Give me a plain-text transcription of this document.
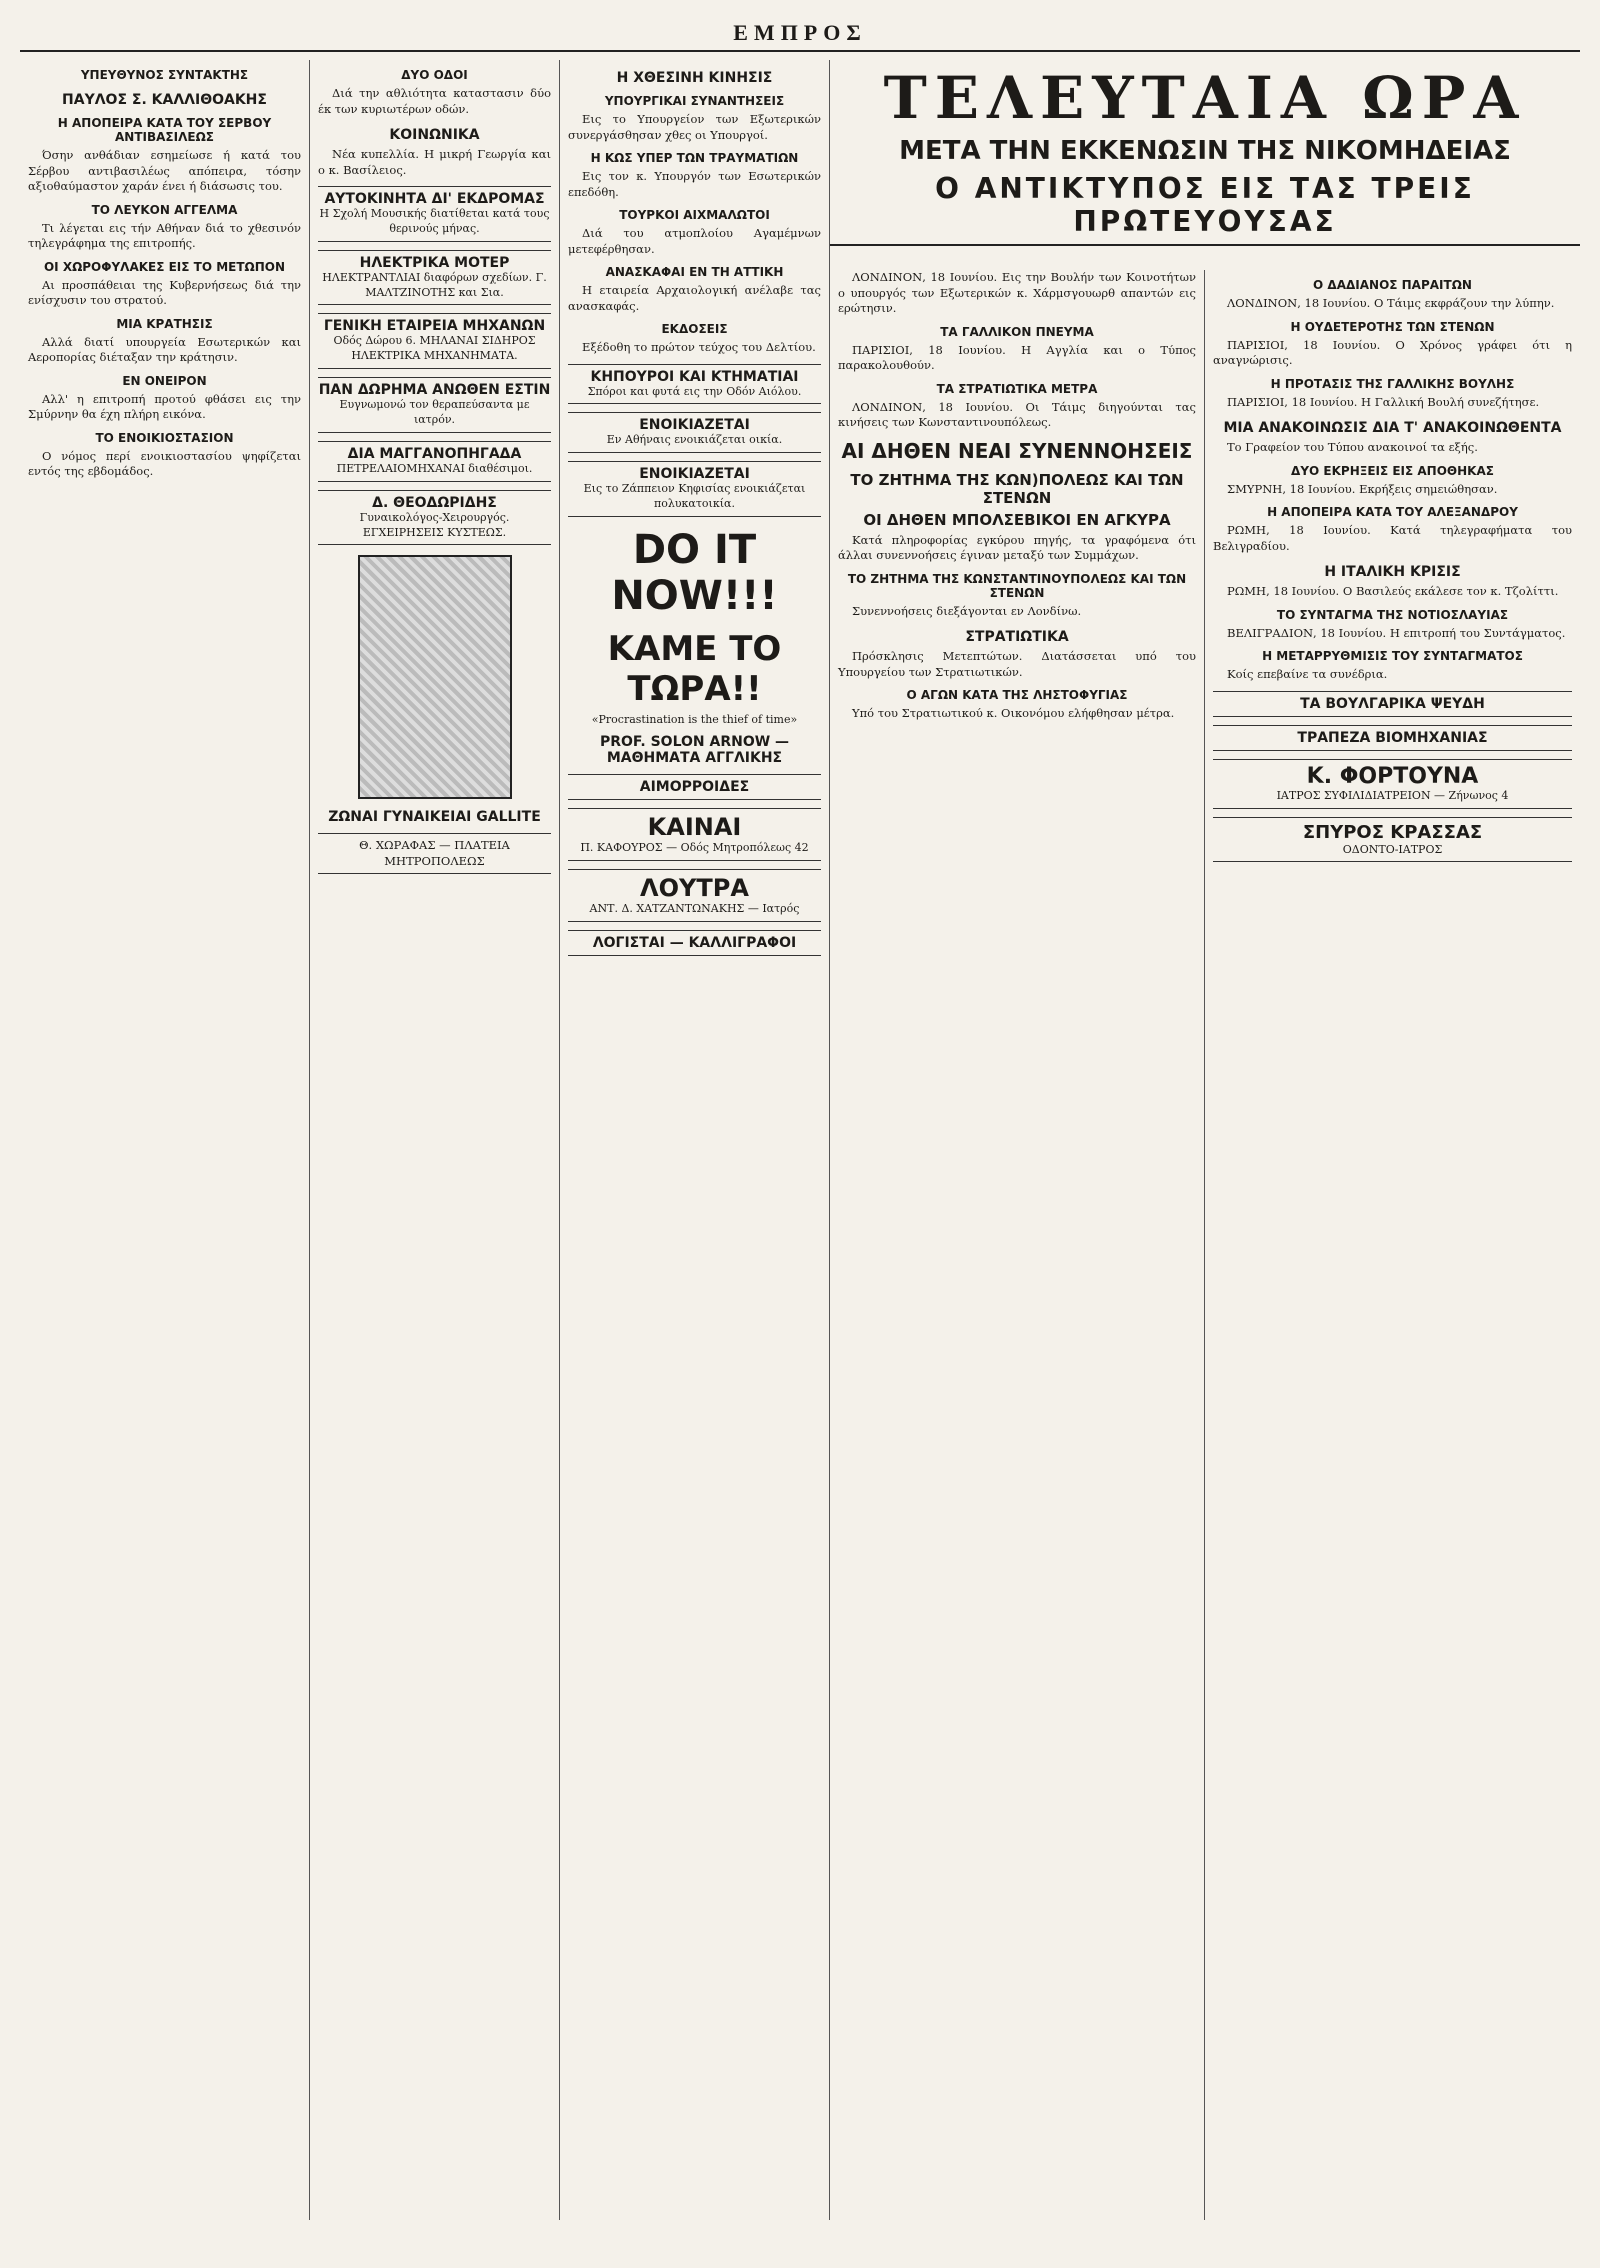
ΕΜΠΡΟΣ
ΥΠΕΥΘΥΝΟΣ ΣΥΝΤΑΚΤΗΣ
ΠΑΥΛΟΣ Σ. ΚΑΛΛΙΘΟΑΚΗΣ
Η ΑΠΟΠΕΙΡΑ ΚΑΤΑ ΤΟΥ ΣΕΡΒΟΥ ΑΝΤΙΒΑΣΙΛΕΩΣ

Όσην ανθάδιαν εσημείωσε ή κατά του Σέρβου αντιβασιλέως απόπειρα, τόσην αξιοθαύμαστον χαράν ένει ή διάσωσις του.

ΤΟ ΛΕΥΚΟΝ ΑΓΓΕΛΜΑ

Τι λέγεται εις τήν Αθήναν διά το χθεσινόν τηλεγράφημα της επιτροπής.

ΟΙ ΧΩΡΟΦΥΛΑΚΕΣ ΕΙΣ ΤΟ ΜΕΤΩΠΟΝ

Αι προσπάθειαι της Κυβερνήσεως διά την ενίσχυσιν του στρατού.

ΜΙΑ ΚΡΑΤΗΣΙΣ

Αλλά διατί υπουργεία Εσωτερικών και Αεροπορίας διέταξαν την κράτησιν.

ΕΝ ΟΝΕΙΡΟΝ

Αλλ' η επιτροπή προτού φθάσει εις την Σμύρνην θα έχη πλήρη εικόνα.

ΤΟ ΕΝΟΙΚΙΟΣΤΑΣΙΟΝ

Ο νόμος περί ενοικιοστασίου ψηφίζεται εντός της εβδομάδος.

ΔΥΟ ΟΔΟΙ

Διά την αθλιότητα καταστασιν δύο έκ των κυριωτέρων οδών.

ΚΟΙΝΩΝΙΚΑ

Νέα κυπελλία. Η μικρή Γεωργία και ο κ. Βασίλειος.

ΑΥΤΟΚΙΝΗΤΑ ΔΙ' ΕΚΔΡΟΜΑΣ
Η Σχολή Μουσικής διατίθεται κατά τους θερινούς μήνας.
ΗΛΕΚΤΡΙΚΑ ΜΟΤΕΡ
ΗΛΕΚΤΡΑΝΤΛΙΑΙ διαφόρων σχεδίων. Γ. ΜΑΛΤΖΙΝΟΤΗΣ και Σια.
ΓΕΝΙΚΗ ΕΤΑΙΡΕΙΑ ΜΗΧΑΝΩΝ
Οδός Δώρου 6. ΜΗΛΑΝΑΙ ΣΙΔΗΡΟΣ ΗΛΕΚΤΡΙΚΑ ΜΗΧΑΝΗΜΑΤΑ.
ΠΑΝ ΔΩΡΗΜΑ ΑΝΩΘΕΝ ΕΣΤΙΝ
Ευγνωμονώ τον θεραπεύσαντα με ιατρόν.
ΔΙΑ ΜΑΓΓΑΝΟΠΗΓΑΔΑ
ΠΕΤΡΕΛΑΙΟΜΗΧΑΝΑΙ διαθέσιμοι.
Δ. ΘΕΟΔΩΡΙΔΗΣ
Γυναικολόγος-Χειρουργός. ΕΓΧΕΙΡΗΣΕΙΣ ΚΥΣΤΕΩΣ.
ΖΩΝΑΙ ΓΥΝΑΙΚΕΙΑΙ GALLITE
Θ. ΧΩΡΑΦΑΣ — ΠΛΑΤΕΙΑ ΜΗΤΡΟΠΟΛΕΩΣ
Η ΧΘΕΣΙΝΗ ΚΙΝΗΣΙΣ
ΥΠΟΥΡΓΙΚΑΙ ΣΥΝΑΝΤΗΣΕΙΣ

Εις το Υπουργείον των Εξωτερικών συνεργάσθησαν χθες οι Υπουργοί.

Η ΚΩΣ ΥΠΕΡ ΤΩΝ ΤΡΑΥΜΑΤΙΩΝ

Εις τον κ. Υπουργόν των Εσωτερικών επεδόθη.

ΤΟΥΡΚΟΙ ΑΙΧΜΑΛΩΤΟΙ

Διά του ατμοπλοίου Αγαμέμνων μετεφέρθησαν.

ΑΝΑΣΚΑΦΑΙ ΕΝ ΤΗ ΑΤΤΙΚΗ

Η εταιρεία Αρχαιολογική ανέλαβε τας ανασκαφάς.

ΕΚΔΟΣΕΙΣ

Εξέδοθη το πρώτον τεύχος του Δελτίου.

ΚΗΠΟΥΡΟΙ ΚΑΙ ΚΤΗΜΑΤΙΑΙ
Σπόροι και φυτά εις την Οδόν Αιόλου.
ΕΝΟΙΚΙΑΖΕΤΑΙ
Εν Αθήναις ενοικιάζεται οικία.
ΕΝΟΙΚΙΑΖΕΤΑΙ
Εις το Ζάππειον Κηφισίας ενοικιάζεται πολυκατοικία.
DO IT NOW!!!
ΚΑΜΕ ΤΟ ΤΩΡΑ!!
«Procrastination is the thief of time»
PROF. SOLON ARNOW — ΜΑΘΗΜΑΤΑ ΑΓΓΛΙΚΗΣ
ΑΙΜΟΡΡΟΙΔΕΣ
ΚΑΙΝΑΙ
Π. ΚΑΦΟΥΡΟΣ — Οδός Μητροπόλεως 42
ΛΟΥΤΡΑ
ΑΝΤ. Δ. ΧΑΤΖΑΝΤΩΝΑΚΗΣ — Ιατρός
ΛΟΓΙΣΤΑΙ — ΚΑΛΛΙΓΡΑΦΟΙ
ΤΕΛΕΥΤΑΙΑ ΩΡΑ
ΜΕΤΑ ΤΗΝ ΕΚΚΕΝΩΣΙΝ ΤΗΣ ΝΙΚΟΜΗΔΕΙΑΣ
Ο ΑΝΤΙΚΤΥΠΟΣ ΕΙΣ ΤΑΣ ΤΡΕΙΣ ΠΡΩΤΕΥΟΥΣΑΣ

ΛΟΝΔΙΝΟΝ, 18 Ιουνίου. Εις την Βουλήν των Κοινοτήτων ο υπουργός των Εξωτερικών κ. Χάρμσγουωρθ απαντών εις ερώτησιν.

ΤΑ ΓΑΛΛΙΚΟΝ ΠΝΕΥΜΑ

ΠΑΡΙΣΙΟΙ, 18 Ιουνίου. Η Αγγλία και ο Τύπος παρακολουθούν.

ΤΑ ΣΤΡΑΤΙΩΤΙΚΑ ΜΕΤΡΑ

ΛΟΝΔΙΝΟΝ, 18 Ιουνίου. Οι Τάιμς διηγούνται τας κινήσεις των Κωνσταντινουπόλεως.

ΑΙ ΔΗΘΕΝ ΝΕΑΙ ΣΥΝΕΝΝΟΗΣΕΙΣ
ΤΟ ΖΗΤΗΜΑ ΤΗΣ ΚΩΝ)ΠΟΛΕΩΣ ΚΑΙ ΤΩΝ ΣΤΕΝΩΝ
ΟΙ ΔΗΘΕΝ ΜΠΟΛΣΕΒΙΚΟΙ ΕΝ ΑΓΚΥΡΑ

Κατά πληροφορίας εγκύρου πηγής, τα γραφόμενα ότι άλλαι συνεννοήσεις έγιναν μεταξύ των Συμμάχων.

ΤΟ ΖΗΤΗΜΑ ΤΗΣ ΚΩΝΣΤΑΝΤΙΝΟΥΠΟΛΕΩΣ ΚΑΙ ΤΩΝ ΣΤΕΝΩΝ

Συνεννοήσεις διεξάγονται εν Λονδίνω.

ΣΤΡΑΤΙΩΤΙΚΑ

Πρόσκλησις Μετεπτώτων. Διατάσσεται υπό του Υπουργείου των Στρατιωτικών.

Ο ΑΓΩΝ ΚΑΤΑ ΤΗΣ ΛΗΣΤΟΦΥΓΙΑΣ

Υπό του Στρατιωτικού κ. Οικονόμου ελήφθησαν μέτρα.

Ο ΔΑΔΙΑΝΟΣ ΠΑΡΑΙΤΩΝ

ΛΟΝΔΙΝΟΝ, 18 Ιουνίου. Ο Τάιμς εκφράζουν την λύπην.

Η ΟΥΔΕΤΕΡΟΤΗΣ ΤΩΝ ΣΤΕΝΩΝ

ΠΑΡΙΣΙΟΙ, 18 Ιουνίου. Ο Χρόνος γράφει ότι η αναγνώρισις.

Η ΠΡΟΤΑΣΙΣ ΤΗΣ ΓΑΛΛΙΚΗΣ ΒΟΥΛΗΣ

ΠΑΡΙΣΙΟΙ, 18 Ιουνίου. Η Γαλλική Βουλή συνεζήτησε.

ΜΙΑ ΑΝΑΚΟΙΝΩΣΙΣ ΔΙΑ Τ' ΑΝΑΚΟΙΝΩΘΕΝΤΑ

Το Γραφείον του Τύπου ανακοινοί τα εξής.

ΔΥΟ ΕΚΡΗΞΕΙΣ ΕΙΣ ΑΠΟΘΗΚΑΣ

ΣΜΥΡΝΗ, 18 Ιουνίου. Εκρήξεις σημειώθησαν.

Η ΑΠΟΠΕΙΡΑ ΚΑΤΑ ΤΟΥ ΑΛΕΞΑΝΔΡΟΥ

ΡΩΜΗ, 18 Ιουνίου. Κατά τηλεγραφήματα του Βελιγραδίου.

Η ΙΤΑΛΙΚΗ ΚΡΙΣΙΣ

ΡΩΜΗ, 18 Ιουνίου. Ο Βασιλεύς εκάλεσε τον κ. Τζολίττι.

ΤΟ ΣΥΝΤΑΓΜΑ ΤΗΣ ΝΟΤΙΟΣΛΑΥΙΑΣ

ΒΕΛΙΓΡΑΔΙΟΝ, 18 Ιουνίου. Η επιτροπή του Συντάγματος.

Η ΜΕΤΑΡΡΥΘΜΙΣΙΣ ΤΟΥ ΣΥΝΤΑΓΜΑΤΟΣ

Κοίς επεβαίνε τα συνέδρια.

ΤΑ ΒΟΥΛΓΑΡΙΚΑ ΨΕΥΔΗ
ΤΡΑΠΕΖΑ ΒΙΟΜΗΧΑΝΙΑΣ
Κ. ΦΟΡΤΟΥΝΑ
ΙΑΤΡΟΣ ΣΥΦΙΛΙΔΙΑΤΡΕΙΟΝ — Ζήνωνος 4
ΣΠΥΡΟΣ ΚΡΑΣΣΑΣ
ΟΔΟΝΤΟ-ΙΑΤΡΟΣ
